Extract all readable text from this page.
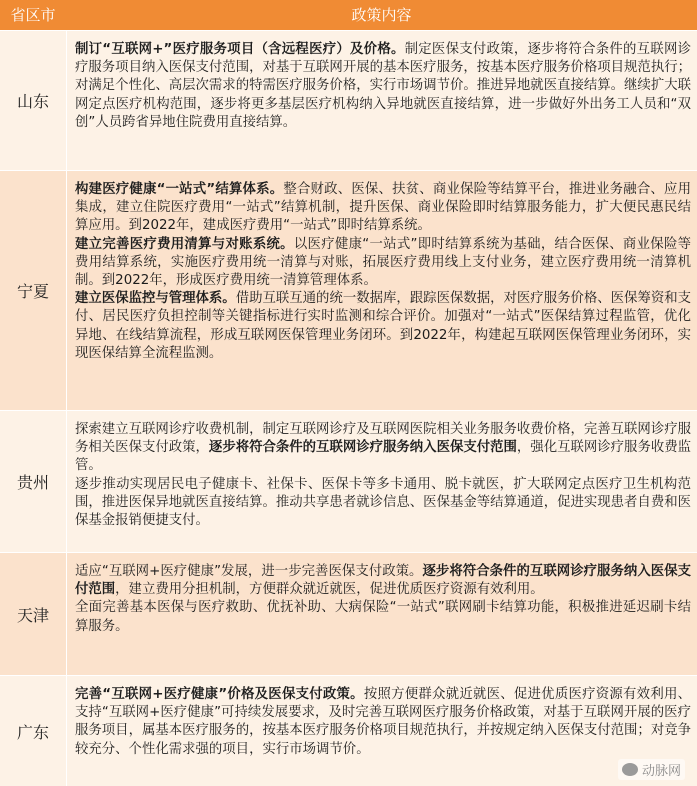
省区市	政策内容
山东

制订“互联网+”医疗服务项目（含远程医疗）及价格。制定医保支付政策，逐步将符合条件的互联网诊疗服务项目纳入医保支付范围，对基于互联网开展的基本医疗服务，按基本医疗服务价格项目规范执行；对满足个性化、高层次需求的特需医疗服务价格，实行市场调节价。推进异地就医直接结算。继续扩大联网定点医疗机构范围，逐步将更多基层医疗机构纳入异地就医直接结算，进一步做好外出务工人员和“双创”人员跨省异地住院费用直接结算。

宁夏

构建医疗健康“一站式”结算体系。整合财政、医保、扶贫、商业保险等结算平台，推进业务融合、应用集成，建立住院医疗费用“一站式”结算机制，提升医保、商业保险即时结算服务能力，扩大便民惠民结算应用。到2022年，建成医疗费用“一站式”即时结算系统。

建立完善医疗费用清算与对账系统。以医疗健康“一站式”即时结算系统为基础，结合医保、商业保险等费用结算系统，实施医疗费用统一清算与对账，拓展医疗费用线上支付业务，建立医疗费用统一清算机制。到2022年，形成医疗费用统一清算管理体系。

建立医保监控与管理体系。借助互联互通的统一数据库，跟踪医保数据，对医疗服务价格、医保筹资和支付、居民医疗负担控制等关键指标进行实时监测和综合评价。加强对“一站式”医保结算过程监管，优化异地、在线结算流程，形成互联网医保管理业务闭环。到2022年，构建起互联网医保管理业务闭环，实现医保结算全流程监测。

贵州

探索建立互联网诊疗收费机制，制定互联网诊疗及互联网医院相关业务服务收费价格，完善互联网诊疗服务相关医保支付政策，逐步将符合条件的互联网诊疗服务纳入医保支付范围，强化互联网诊疗服务收费监管。

逐步推动实现居民电子健康卡、社保卡、医保卡等多卡通用、脱卡就医，扩大联网定点医疗卫生机构范围，推进医保异地就医直接结算。推动共享患者就诊信息、医保基金等结算通道，促进实现患者自费和医保基金报销便捷支付。

天津

适应“互联网+医疗健康”发展，进一步完善医保支付政策。逐步将符合条件的互联网诊疗服务纳入医保支付范围，建立费用分担机制，方便群众就近就医，促进优质医疗资源有效利用。

全面完善基本医保与医疗救助、优抚补助、大病保险“一站式”联网刷卡结算功能，积极推进延迟刷卡结算服务。

广东

完善“互联网+医疗健康”价格及医保支付政策。按照方便群众就近就医、促进优质医疗资源有效利用、支持“互联网+医疗健康”可持续发展要求，及时完善互联网医疗服务价格政策，对基于互联网开展的医疗服务项目，属基本医疗服务的，按基本医疗服务价格项目规范执行，并按规定纳入医保支付范围；对竞争较充分、个性化需求强的项目，实行市场调节价。

动脉网
